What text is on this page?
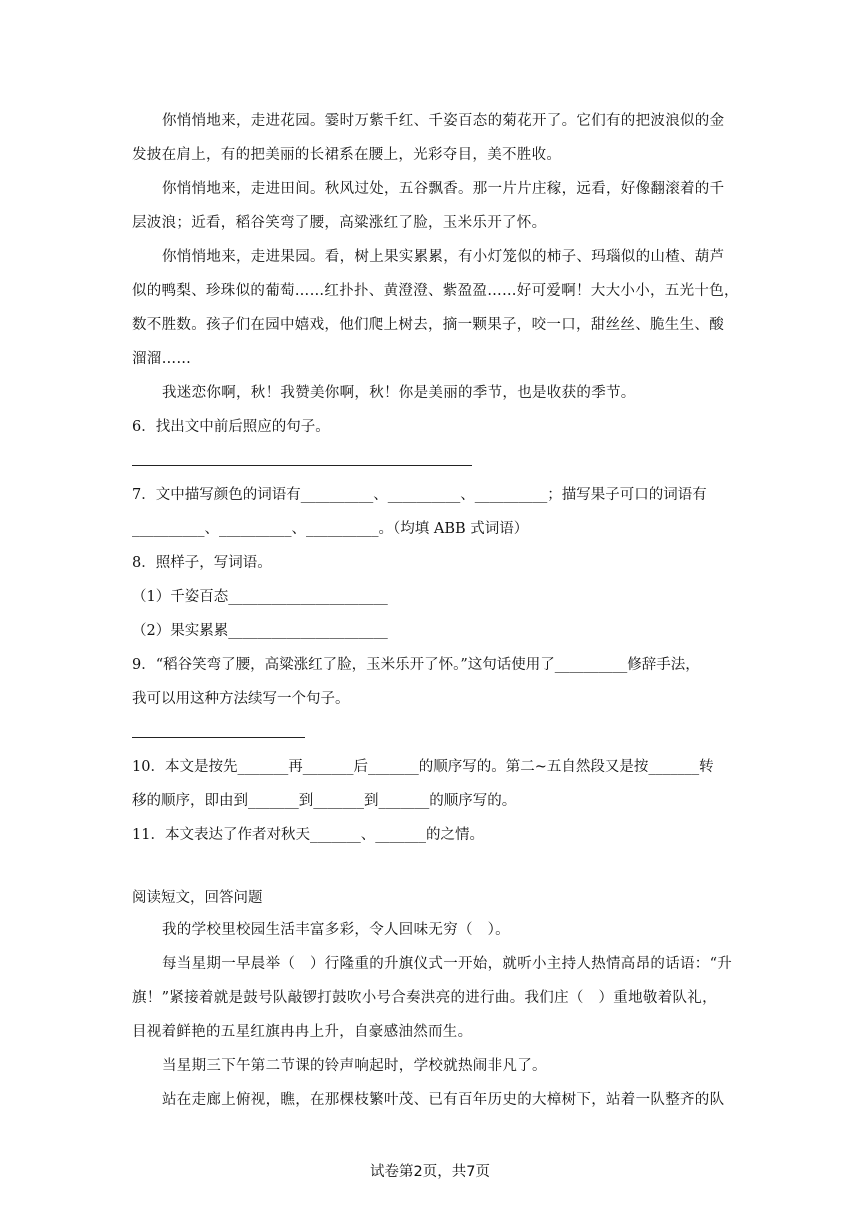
你悄悄地来，走进花园。霎时万紫千红、千姿百态的菊花开了。它们有的把波浪似的金
发披在肩上，有的把美丽的长裙系在腰上，光彩夺目，美不胜收。
你悄悄地来，走进田间。秋风过处，五谷飘香。那一片片庄稼，远看，好像翻滚着的千
层波浪；近看，稻谷笑弯了腰，高粱涨红了脸，玉米乐开了怀。
你悄悄地来，走进果园。看，树上果实累累，有小灯笼似的柿子、玛瑙似的山楂、葫芦
似的鸭梨、珍珠似的葡萄……红扑扑、黄澄澄、紫盈盈……好可爱啊！大大小小，五光十色，
数不胜数。孩子们在园中嬉戏，他们爬上树去，摘一颗果子，咬一口，甜丝丝、脆生生、酸
溜溜……
我迷恋你啊，秋！我赞美你啊，秋！你是美丽的季节，也是收获的季节。
6．找出文中前后照应的句子。
7．文中描写颜色的词语有__________、__________、__________；描写果子可口的词语有
__________、__________、__________。（均填 ABB 式词语）
8．照样子，写词语。
（1）千姿百态______________________
（2）果实累累______________________
9．“稻谷笑弯了腰，高粱涨红了脸，玉米乐开了怀。”这句话使用了__________修辞手法，
我可以用这种方法续写一个句子。
10．本文是按先_______再_______后_______的顺序写的。第二~五自然段又是按_______转
移的顺序，即由到_______到_______到_______的顺序写的。
11．本文表达了作者对秋天_______、_______的之情。
阅读短文，回答问题
我的学校里校园生活丰富多彩，令人回味无穷（　）。
每当星期一早晨举（　）行隆重的升旗仪式一开始，就听小主持人热情高昂的话语：“升
旗！”紧接着就是鼓号队敲锣打鼓吹小号合奏洪亮的进行曲。我们庄（　）重地敬着队礼，
目视着鲜艳的五星红旗冉冉上升，自豪感油然而生。
当星期三下午第二节课的铃声响起时，学校就热闹非凡了。
站在走廊上俯视，瞧，在那棵枝繁叶茂、已有百年历史的大樟树下，站着一队整齐的队
试卷第2页，共7页
